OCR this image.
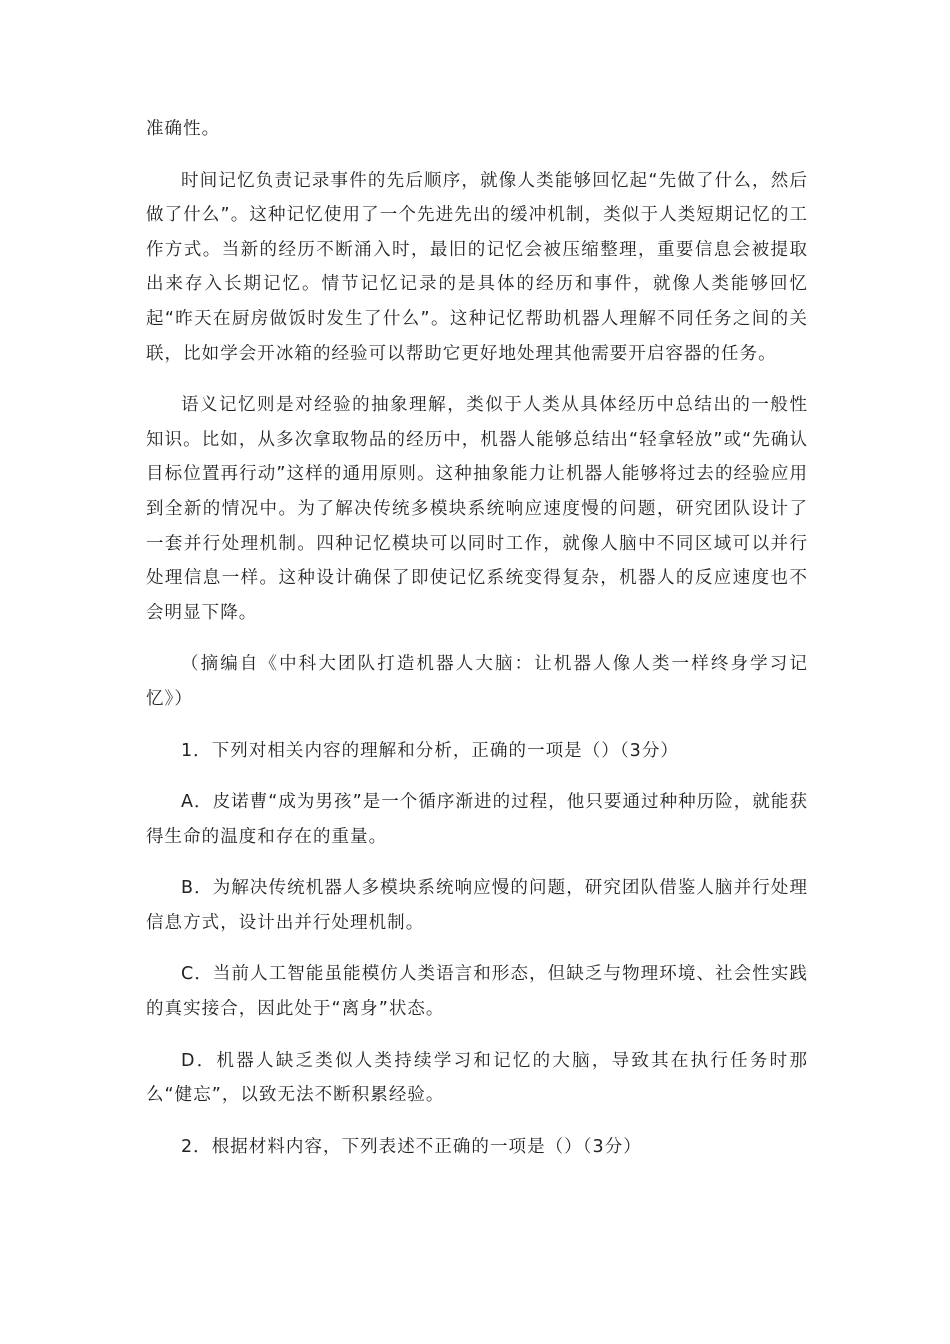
准确性。

时间记忆负责记录事件的先后顺序，就像人类能够回忆起“先做了什么，然后做了什么”。这种记忆使用了一个先进先出的缓冲机制，类似于人类短期记忆的工作方式。当新的经历不断涌入时，最旧的记忆会被压缩整理，重要信息会被提取出来存入长期记忆。情节记忆记录的是具体的经历和事件，就像人类能够回忆起“昨天在厨房做饭时发生了什么”。这种记忆帮助机器人理解不同任务之间的关联，比如学会开冰箱的经验可以帮助它更好地处理其他需要开启容器的任务。

语义记忆则是对经验的抽象理解，类似于人类从具体经历中总结出的一般性知识。比如，从多次拿取物品的经历中，机器人能够总结出“轻拿轻放”或“先确认目标位置再行动”这样的通用原则。这种抽象能力让机器人能够将过去的经验应用到全新的情况中。为了解决传统多模块系统响应速度慢的问题，研究团队设计了一套并行处理机制。四种记忆模块可以同时工作，就像人脑中不同区域可以并行处理信息一样。这种设计确保了即使记忆系统变得复杂，机器人的反应速度也不会明显下降。

（摘编自《中科大团队打造机器人大脑：让机器人像人类一样终身学习记忆》）

1．下列对相关内容的理解和分析，正确的一项是（）（3分）

A．皮诺曹“成为男孩”是一个循序渐进的过程，他只要通过种种历险，就能获得生命的温度和存在的重量。

B．为解决传统机器人多模块系统响应慢的问题，研究团队借鉴人脑并行处理信息方式，设计出并行处理机制。

C．当前人工智能虽能模仿人类语言和形态，但缺乏与物理环境、社会性实践的真实接合，因此处于“离身”状态。

D．机器人缺乏类似人类持续学习和记忆的大脑，导致其在执行任务时那么“健忘”，以致无法不断积累经验。

2．根据材料内容，下列表述不正确的一项是（）（3分）
